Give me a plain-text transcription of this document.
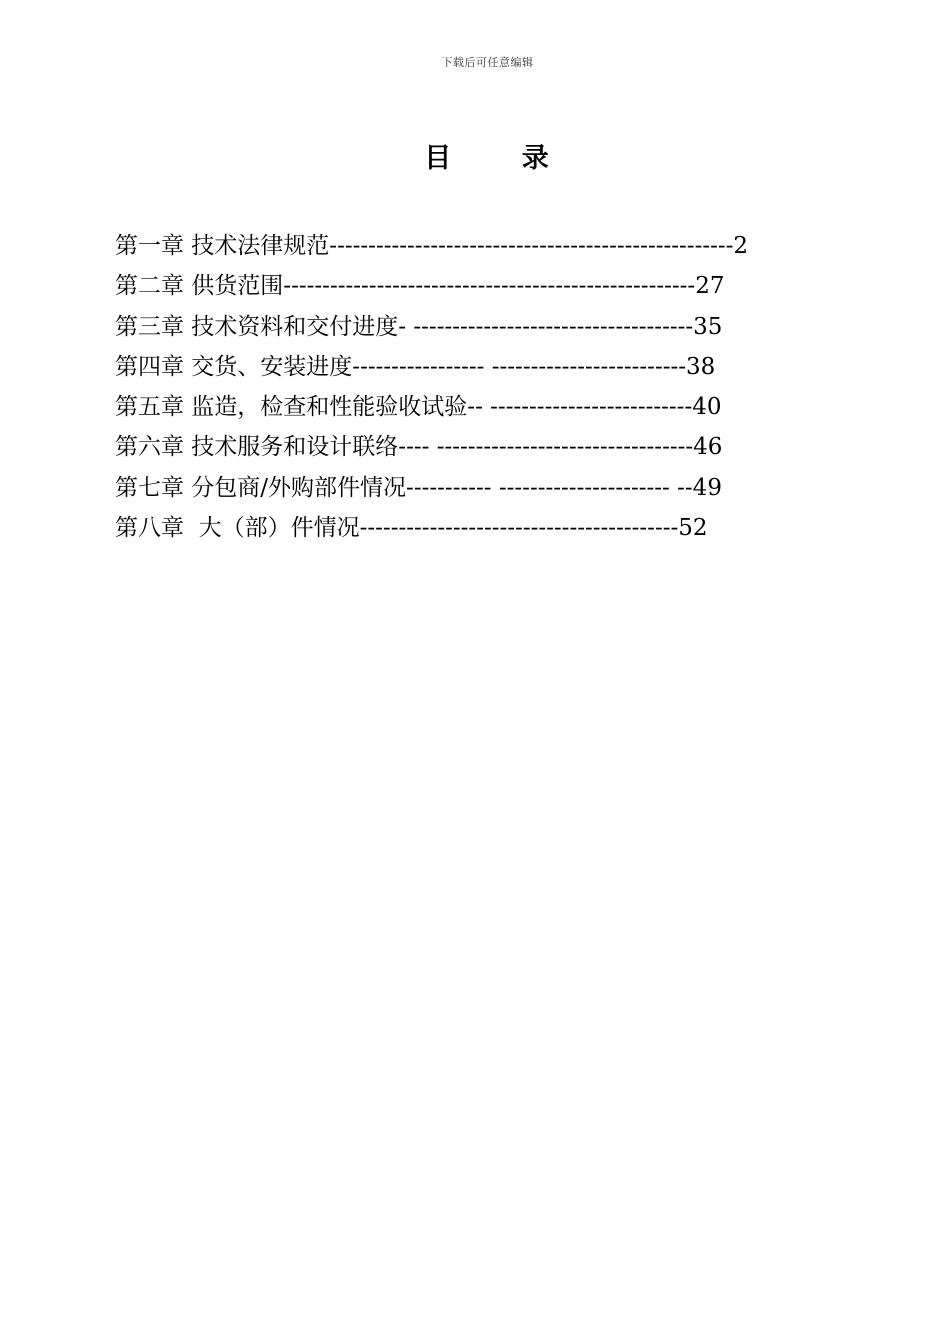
下载后可任意编辑
目      录
第一章 技术法律规范----------------------------------------------------2
第二章 供货范围-----------------------------------------------------27
第三章 技术资料和交付进度- ------------------------------------35
第四章 交货、安装进度----------------- -------------------------38
第五章 监造，检查和性能验收试验-- --------------------------40
第六章 技术服务和设计联络---- ---------------------------------46
第七章 分包商/外购部件情况----------- ---------------------- --49
第八章  大（部）件情况-----------------------------------------52
